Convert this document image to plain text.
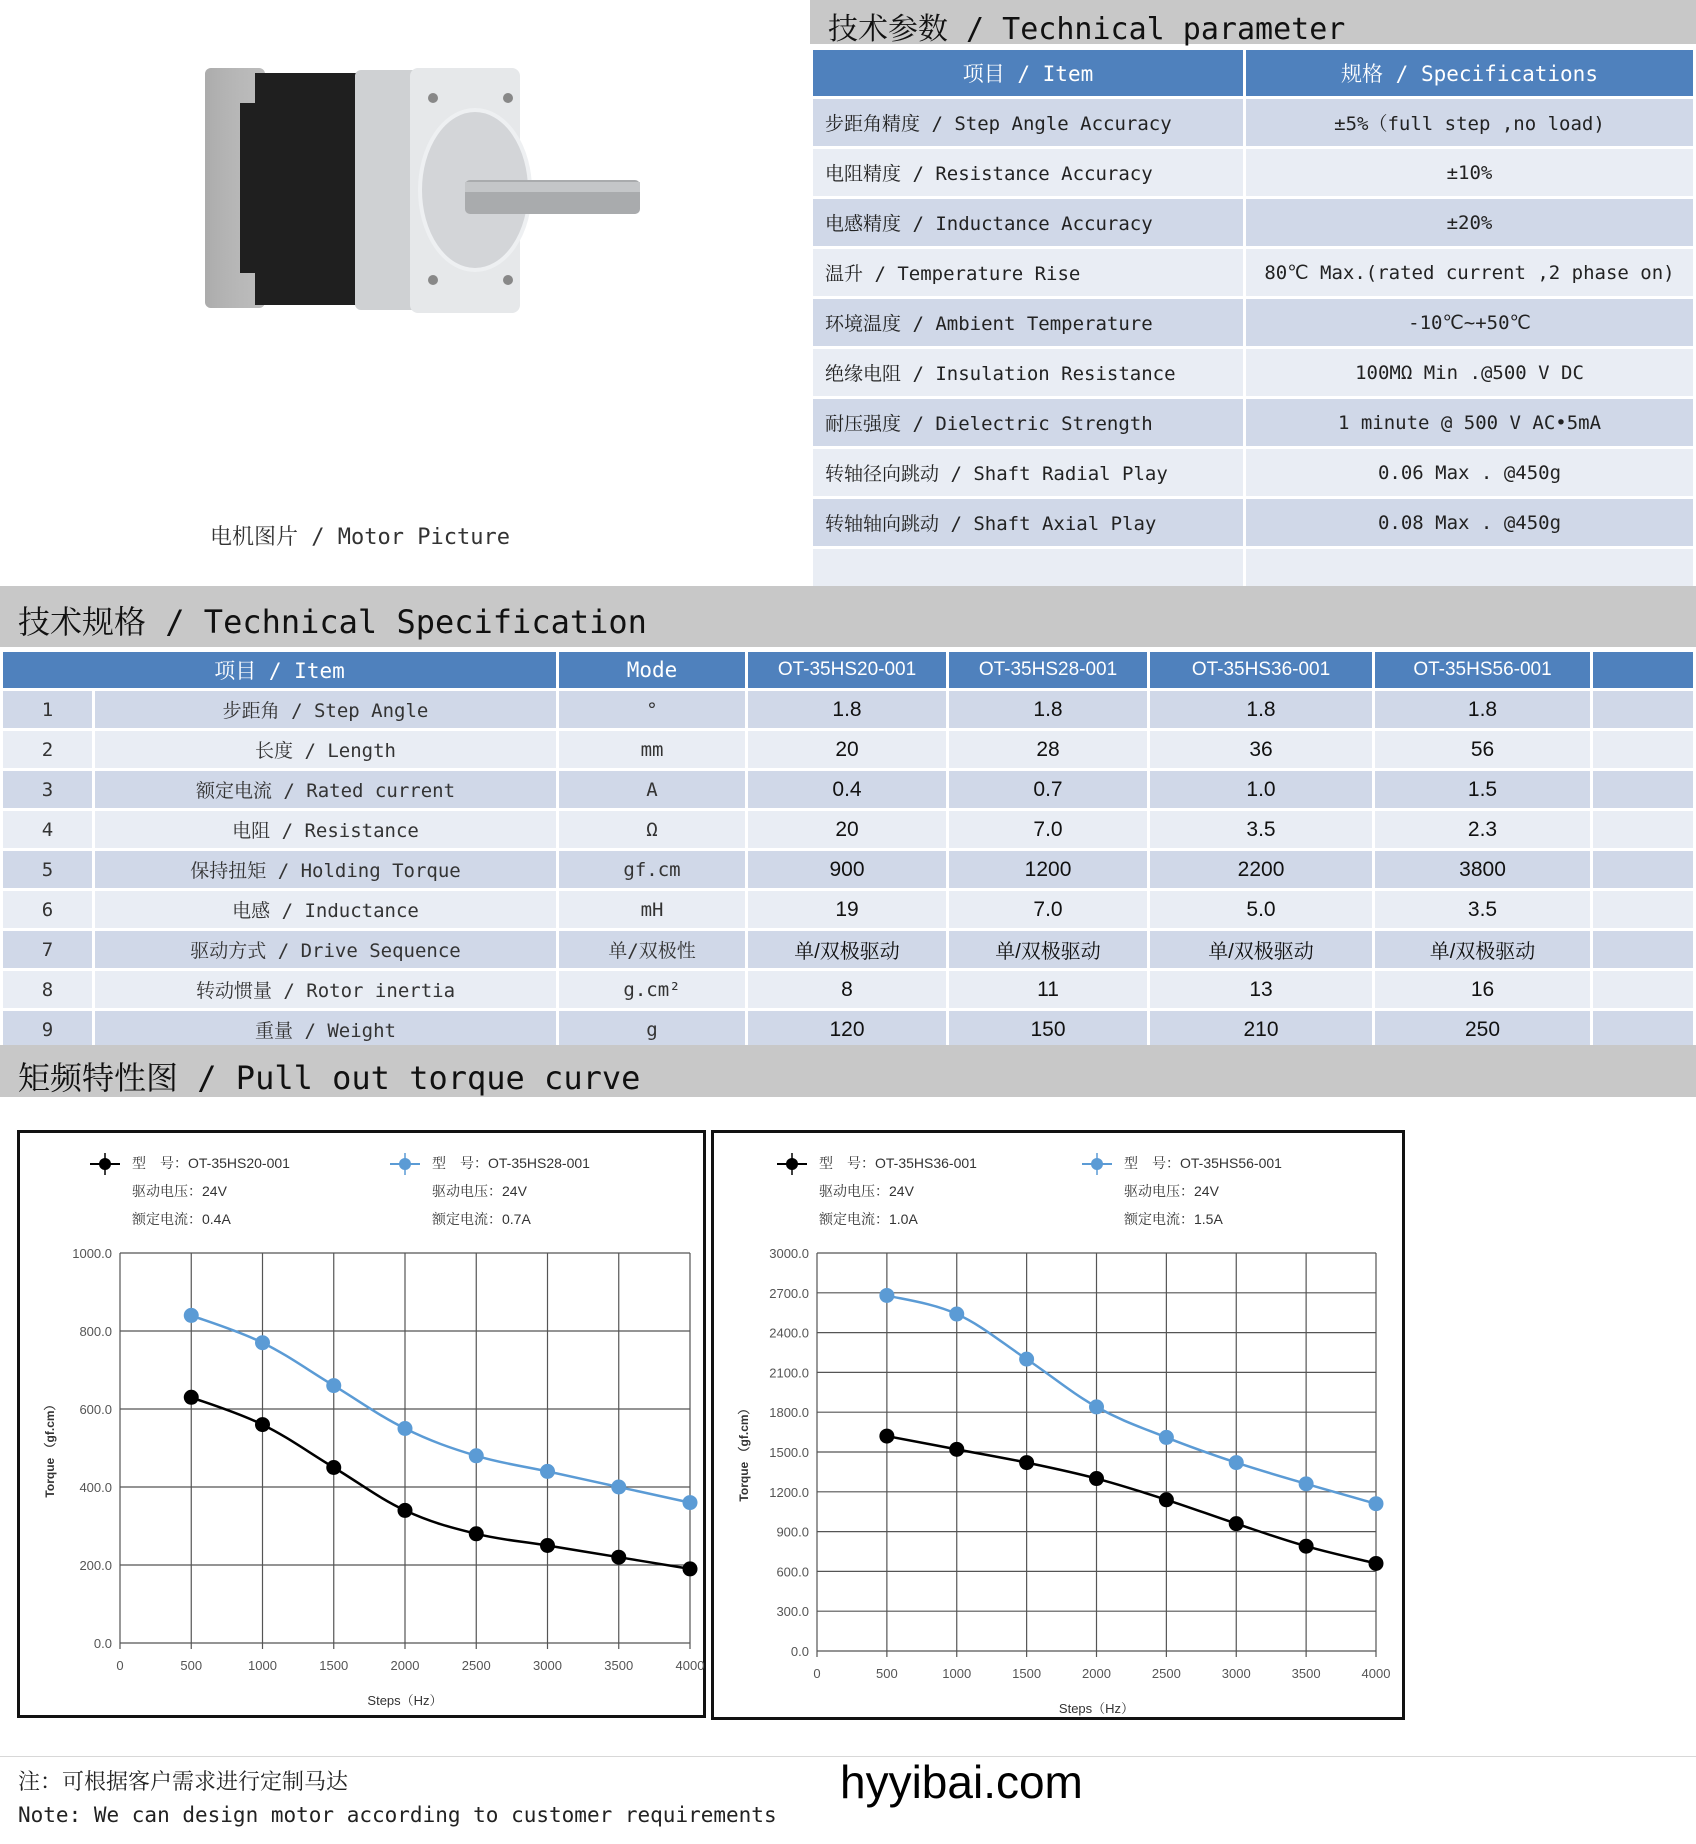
电机图片 / Motor Picture
技术参数 / Technical parameter
项目 / Item	规格 / Specifications
步距角精度 / Step Angle Accuracy	±5%（full step ,no load)
电阻精度 / Resistance Accuracy	±10%
电感精度 / Inductance Accuracy	±20%
温升 / Temperature Rise	80℃ Max.(rated current ,2 phase on)
环境温度 / Ambient Temperature	-10℃~+50℃
绝缘电阻 / Insulation Resistance	100MΩ Min .@500 V DC
耐压强度 / Dielectric Strength	1 minute @ 500 V AC•5mA
转轴径向跳动 / Shaft Radial Play	0.06 Max . @450g
转轴轴向跳动 / Shaft Axial Play	0.08 Max . @450g

技术规格 / Technical Specification
项目 / Item		Mode	OT-35HS20-001	OT-35HS28-001	OT-35HS36-001	OT-35HS56-001	
1	步距角 / Step Angle	°	1.8	1.8	1.8	1.8	
2	长度 / Length	mm	20	28	36	56	
3	额定电流 / Rated current	A	0.4	0.7	1.0	1.5	
4	电阻 / Resistance	Ω	20	7.0	3.5	2.3	
5	保持扭矩 / Holding Torque	gf.cm	900	1200	2200	3800	
6	电感 / Inductance	mH	19	7.0	5.0	3.5	
7	驱动方式 / Drive Sequence	单/双极性	单/双极驱动	单/双极驱动	单/双极驱动	单/双极驱动	
8	转动惯量 / Rotor inertia	g.cm²	8	11	13	16	
9	重量 / Weight	g	120	150	210	250	
矩频特性图 / Pull out torque curve
型　号：OT-35HS20-001
驱动电压：24V
额定电流：0.4A
型　号：OT-35HS28-001
驱动电压：24V
额定电流：0.7A
0.0
200.0
400.0
600.0
800.0
1000.0
0	500	1000	1500	2000	2500	3000	3500	4000
Steps（Hz）
Torque （gf.cm）
型　号：OT-35HS36-001
驱动电压：24V
额定电流：1.0A
型　号：OT-35HS56-001
驱动电压：24V
额定电流：1.5A
0.0
300.0
600.0
900.0
1200.0
1500.0
1800.0
2100.0
2400.0
2700.0
3000.0
0	500	1000	1500	2000	2500	3000	3500	4000
Steps（Hz）
Torque （gf.cm）
注：可根据客户需求进行定制马达
Note: We can design motor according to customer requirements
hyyibai.com
